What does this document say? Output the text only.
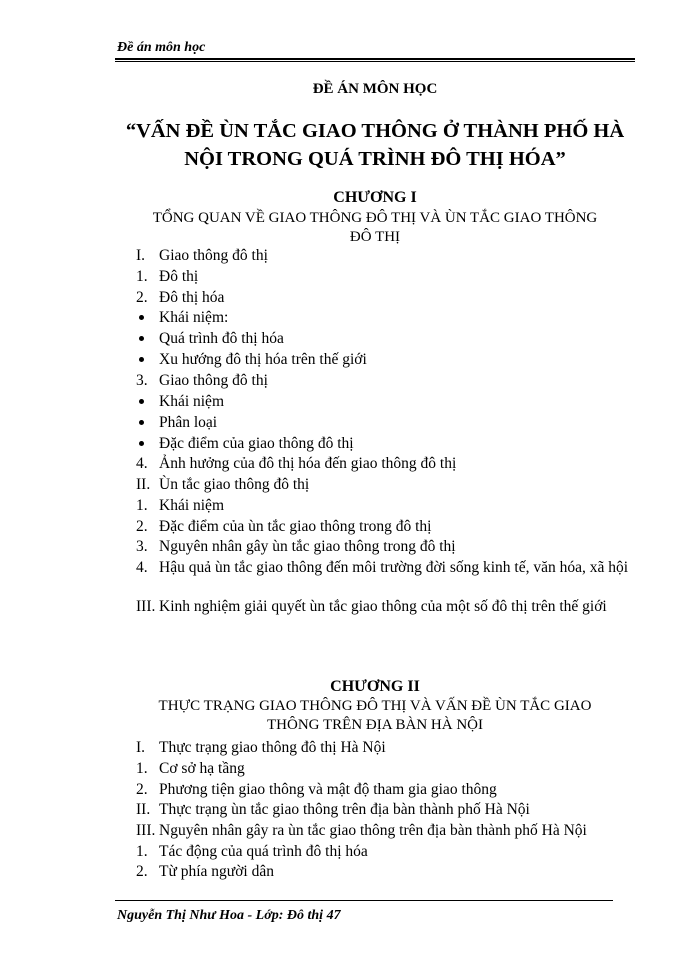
Đề án môn học
ĐỀ ÁN MÔN HỌC
“VẤN ĐỀ ÙN TẮC GIAO THÔNG Ở THÀNH PHỐ HÀ
NỘI TRONG QUÁ TRÌNH ĐÔ THỊ HÓA”
CHƯƠNG I
TỔNG QUAN VỀ GIAO THÔNG ĐÔ THỊ VÀ ÙN TẮC GIAO THÔNG
ĐÔ THỊ
I. Giao thông đô thị
1. Đô thị
2. Đô thị hóa
Khái niệm:
Quá trình đô thị hóa
Xu hướng đô thị hóa trên thế giới
3. Giao thông đô thị
Khái niệm
Phân loại
Đặc điểm của giao thông đô thị
4. Ảnh hưởng của đô thị hóa đến giao thông đô thị
II. Ùn tắc giao thông đô thị
1. Khái niệm
2. Đặc điểm của ùn tắc giao thông trong đô thị
3. Nguyên nhân gây ùn tắc giao thông trong đô thị
4. Hậu quả ùn tắc giao thông đến môi trường đời sống kinh tế, văn hóa, xã hội
III. Kinh nghiệm giải quyết ùn tắc giao thông của một số đô thị trên thế giới
CHƯƠNG II
THỰC TRẠNG GIAO THÔNG ĐÔ THỊ VÀ VẤN ĐỀ ÙN TẮC GIAO
THÔNG TRÊN ĐỊA BÀN HÀ NỘI
I. Thực trạng giao thông đô thị Hà Nội
1. Cơ sở hạ tầng
2. Phương tiện giao thông và mật độ tham gia giao thông
II. Thực trạng ùn tắc giao thông trên địa bàn thành phố Hà Nội
III. Nguyên nhân gây ra ùn tắc giao thông trên địa bàn thành phố Hà Nội
1. Tác động của quá trình đô thị hóa
2. Từ phía người dân
Nguyễn Thị Như Hoa - Lớp: Đô thị 47
